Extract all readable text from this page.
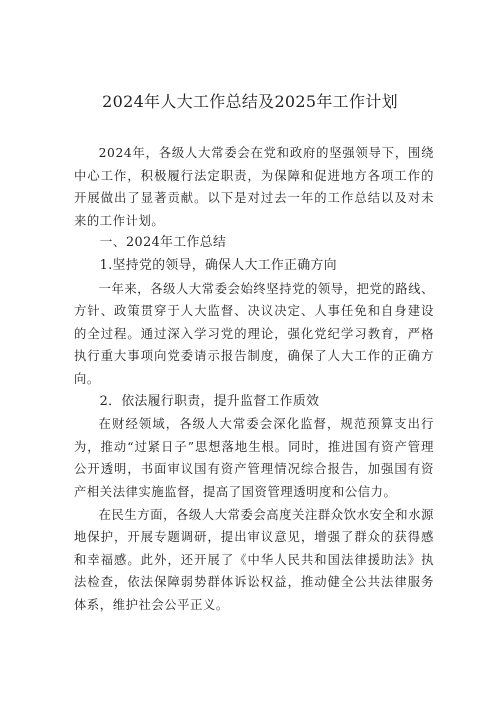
2024年人大工作总结及2025年工作计划

2024年，各级人大常委会在党和政府的坚强领导下，围绕中心工作，积极履行法定职责，为保障和促进地方各项工作的开展做出了显著贡献。以下是对过去一年的工作总结以及对未来的工作计划。

一、2024年工作总结

1.坚持党的领导，确保人大工作正确方向

一年来，各级人大常委会始终坚持党的领导，把党的路线、方针、政策贯穿于人大监督、决议决定、人事任免和自身建设的全过程。通过深入学习党的理论，强化党纪学习教育，严格执行重大事项向党委请示报告制度，确保了人大工作的正确方向。

2．依法履行职责，提升监督工作质效

在财经领域，各级人大常委会深化监督，规范预算支出行为，推动“过紧日子”思想落地生根。同时，推进国有资产管理公开透明，书面审议国有资产管理情况综合报告，加强国有资产相关法律实施监督，提高了国资管理透明度和公信力。

在民生方面，各级人大常委会高度关注群众饮水安全和水源地保护，开展专题调研，提出审议意见，增强了群众的获得感和幸福感。此外，还开展了《中华人民共和国法律援助法》执法检查，依法保障弱势群体诉讼权益，推动健全公共法律服务体系，维护社会公平正义。
